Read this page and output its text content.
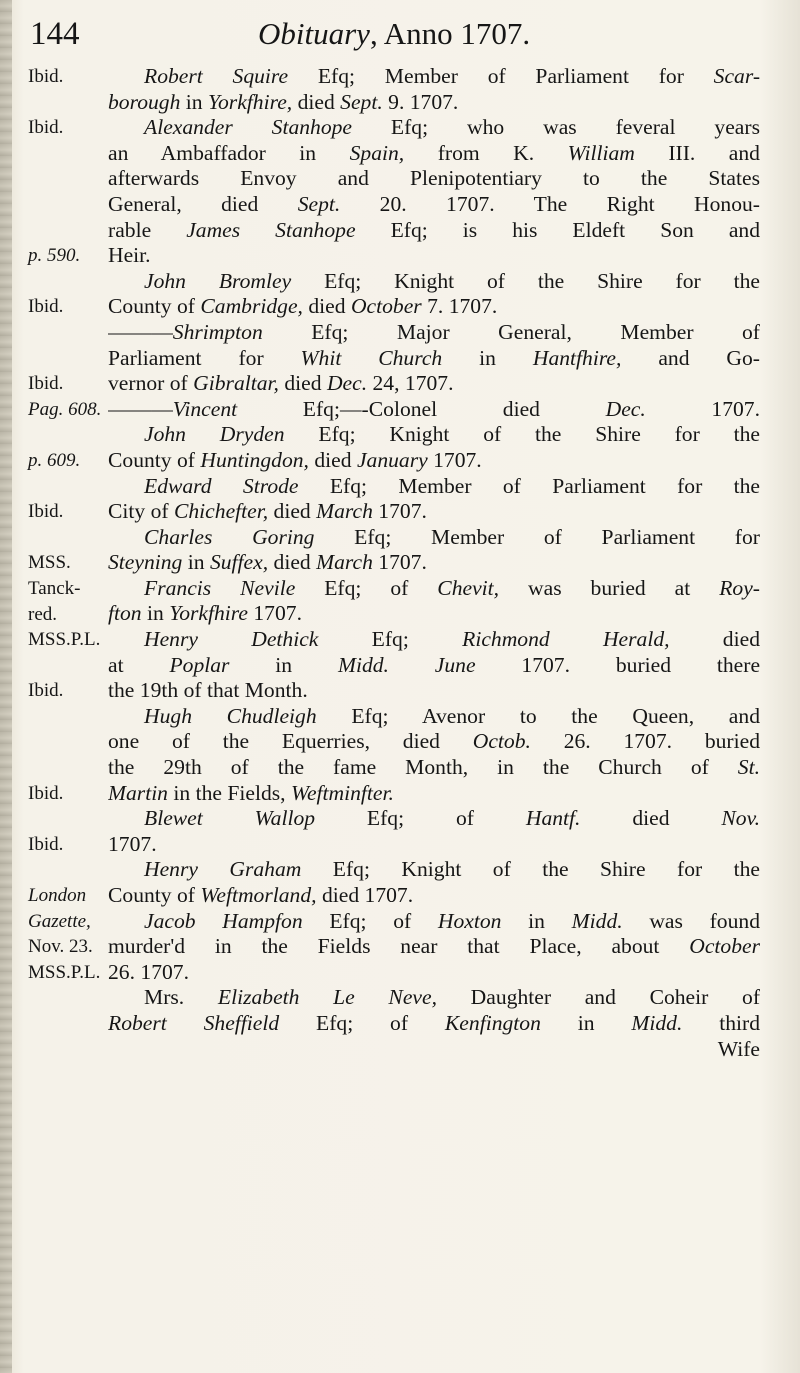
144	Obituary, Anno 1707.
Ibid.
Ibid.
p. 590.
Ibid.
Ibid.
Pag. 608.
p. 609.
Ibid.
MSS.
Tanck-
red.
MSS.P.L.
Ibid.
Ibid.
Ibid.
London
Gazette,
Nov. 23.
MSS.P.L.
Robert Squire Efq; Member of Parliament for Scar-
borough in Yorkfhire, died Sept. 9. 1707.
Alexander Stanhope Efq; who was feveral years
an Ambaffador in Spain, from K. William III. and
afterwards Envoy and Plenipotentiary to the States
General, died Sept. 20. 1707. The Right Honou-
rable James Stanhope Efq; is his Eldeft Son and
Heir.
John Bromley Efq; Knight of the Shire for the
County of Cambridge, died October 7. 1707.
———Shrimpton Efq; Major General, Member of
Parliament for Whit Church in Hantfhire, and Go-
vernor of Gibraltar, died Dec. 24, 1707.
———Vincent Efq;—-Colonel died Dec. 1707.
John Dryden Efq; Knight of the Shire for the
County of Huntingdon, died January 1707.
Edward Strode Efq; Member of Parliament for the
City of Chichefter, died March 1707.
Charles Goring Efq; Member of Parliament for
Steyning in Suffex, died March 1707.
Francis Nevile Efq; of Chevit, was buried at Roy-
fton in Yorkfhire 1707.
Henry Dethick Efq; Richmond Herald, died
at Poplar in Midd. June 1707. buried there
the 19th of that Month.
Hugh Chudleigh Efq; Avenor to the Queen, and
one of the Equerries, died Octob. 26. 1707. buried
the 29th of the fame Month, in the Church of St.
Martin in the Fields, Weftminfter.
Blewet Wallop Efq; of Hantf. died Nov.
1707.
Henry Graham Efq; Knight of the Shire for the
County of Weftmorland, died 1707.
Jacob Hampfon Efq; of Hoxton in Midd. was found
murder'd in the Fields near that Place, about October
26. 1707.
Mrs. Elizabeth Le Neve, Daughter and Coheir of
Robert Sheffield Efq; of Kenfington in Midd. third
Wife
